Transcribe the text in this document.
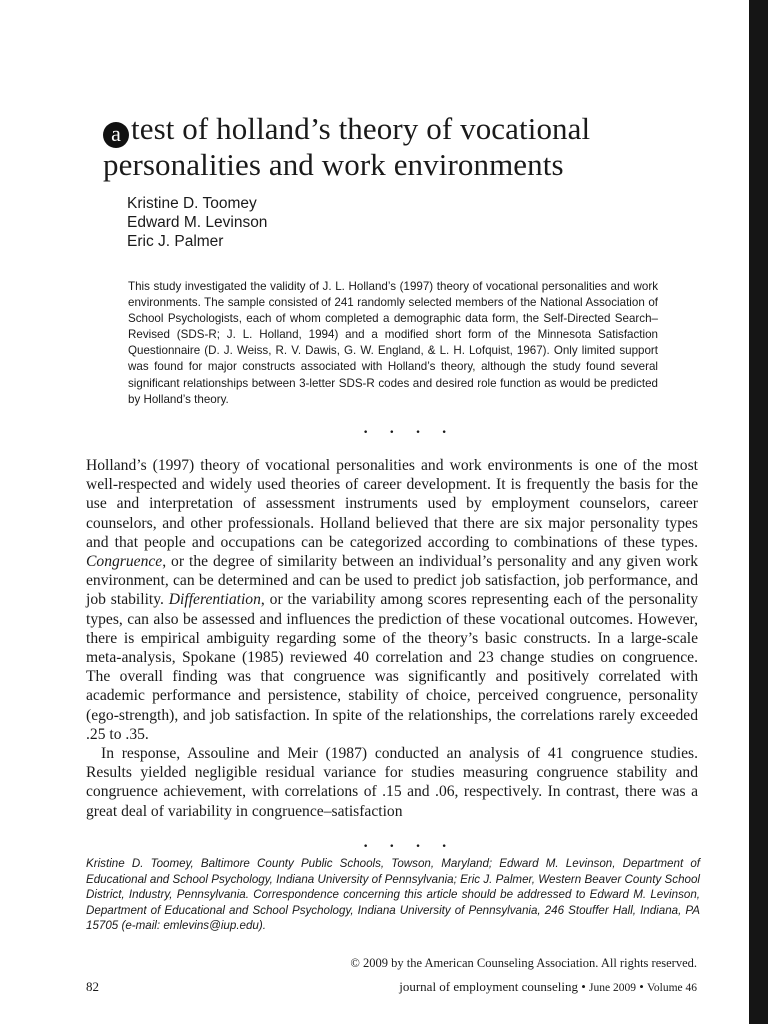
a test of holland’s theory of vocational
personalities and work environments
Kristine D. Toomey
Edward M. Levinson
Eric J. Palmer

This study investigated the validity of J. L. Holland’s (1997) theory of vocational personalities and work environments. The sample consisted of 241 randomly selected members of the National Association of School Psychologists, each of whom completed a demographic data form, the Self-Directed Search–Revised (SDS-R; J. L. Holland, 1994) and a modified short form of the Minnesota Satisfaction Questionnaire (D. J. Weiss, R. V. Dawis, G. W. England, & L. H. Lofquist, 1967). Only limited support was found for major constructs associated with Holland’s theory, although the study found several significant relationships between 3-letter SDS-R codes and desired role function as would be predicted by Holland’s theory.

• • • •

Holland’s (1997) theory of vocational personalities and work environments is one of the most well-respected and widely used theories of career development. It is frequently the basis for the use and interpretation of assessment instruments used by employment counselors, career counselors, and other professionals. Holland believed that there are six major personality types and that people and occupations can be categorized according to combinations of these types. Congruence, or the degree of similarity between an individual’s personality and any given work environment, can be determined and can be used to predict job satisfaction, job performance, and job stability. Differentiation, or the variability among scores representing each of the personality types, can also be assessed and influences the prediction of these vocational outcomes. However, there is empirical ambiguity regarding some of the theory’s basic constructs. In a large-scale meta-analysis, Spokane (1985) reviewed 40 correlation and 23 change studies on congruence. The overall finding was that congruence was significantly and positively correlated with academic performance and persistence, stability of choice, perceived congruence, personality (ego-strength), and job satisfaction. In spite of the relationships, the correlations rarely exceeded .25 to .35.

In response, Assouline and Meir (1987) conducted an analysis of 41 congruence studies. Results yielded negligible residual variance for studies measuring congruence stability and congruence achievement, with correlations of .15 and .06, respectively. In contrast, there was a great deal of variability in congruence–satisfaction

• • • •

Kristine D. Toomey, Baltimore County Public Schools, Towson, Maryland; Edward M. Levinson, Department of Educational and School Psychology, Indiana University of Pennsylvania; Eric J. Palmer, Western Beaver County School District, Industry, Pennsylvania. Correspondence concerning this article should be addressed to Edward M. Levinson, Department of Educational and School Psychology, Indiana University of Pennsylvania, 246 Stouffer Hall, Indiana, PA 15705 (e-mail: emlevins@iup.edu).

© 2009 by the American Counseling Association. All rights reserved.
82	journal of employment counseling • June 2009 • Volume 46
